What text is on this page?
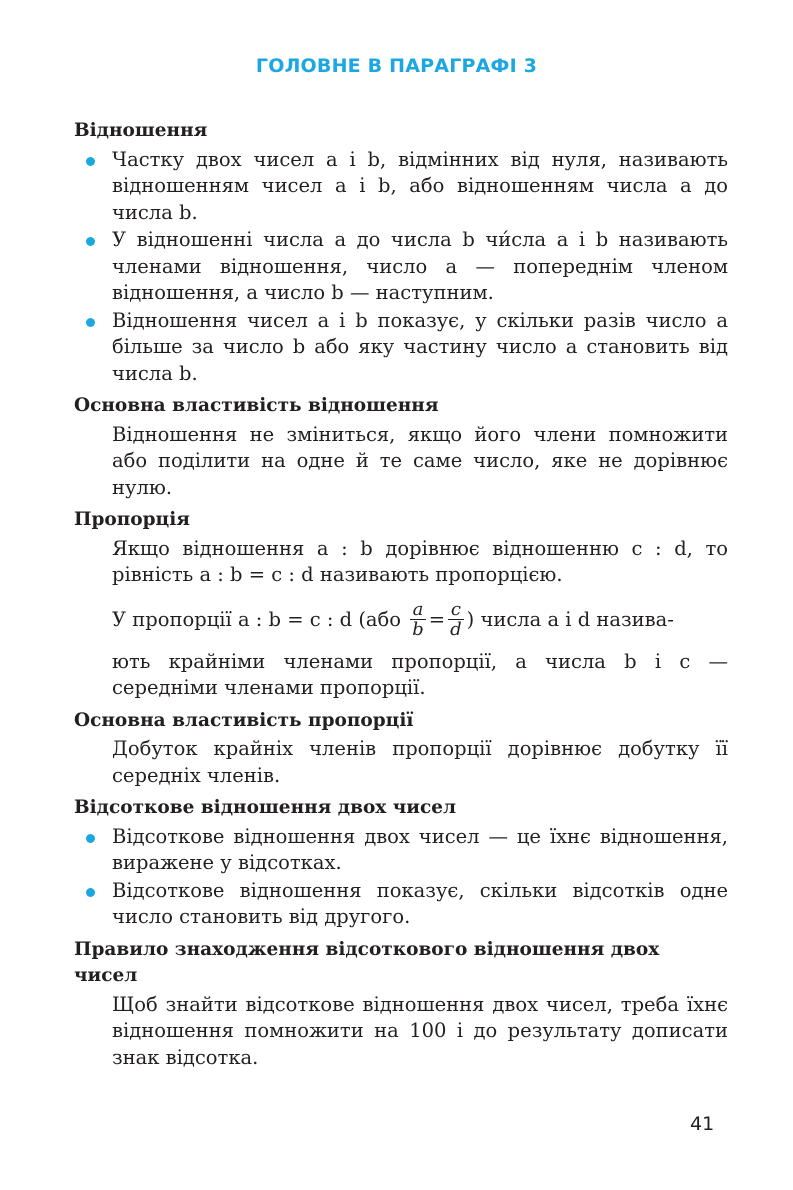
ГОЛОВНЕ В ПАРАГРАФІ 3
Відношення
Частку двох чисел a і b, відмінних від нуля, називають відношенням чисел a і b, або відношенням числа a до числа b.
У відношенні числа a до числа b чи́сла a і b називають членами відношення, число a — попереднім членом відношення, а число b — наступним.
Відношення чисел a і b показує, у скільки разів число a більше за число b або яку частину число a становить від числа b.
Основна властивість відношення
Відношення не зміниться, якщо його члени помножити або поділити на одне й те саме число, яке не дорівнює нулю.
Пропорція
Якщо відношення a : b дорівнює відношенню c : d, то рівність a : b = c : d називають пропорцією.
У пропорції a : b = c : d (або
$\frac{a}{b} = \frac{c}{d}$ ) числа a і d назива-
ють крайніми членами пропорції, а числа b і c — середніми членами пропорції.
Основна властивість пропорції
Добуток крайніх членів пропорції дорівнює добутку її середніх членів.
Відсоткове відношення двох чисел
Відсоткове відношення двох чисел — це їхнє відношення, виражене у відсотках.
Відсоткове відношення показує, скільки відсотків одне число становить від другого.
Правило знаходження відсоткового відношення двох чисел
Щоб знайти відсоткове відношення двох чисел, треба їхнє відношення помножити на 100 і до результату дописати знак відсотка.
41
